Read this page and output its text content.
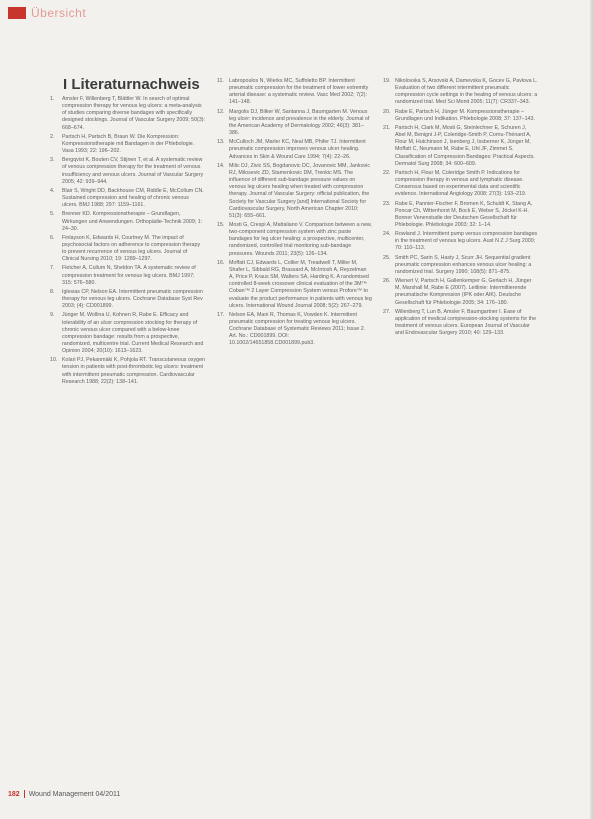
Übersicht
I Literaturnachweis
1.	Amsler F, Willenberg T, Blättler W. In search of optimal compression therapy for venous leg ulcers: a meta-analysis of studies comparing diverse bandages with specifically designed stockings. Journal of Vascular Surgery 2009; 50(3): 668–674.
2.	Partsch H, Partsch B, Braun W. Die Kompression: Kompressionstherapie mit Bandagen in der Phlebologie. Vasa 1993; 22: 196–202.
3.	Bergqvist K, Bouten CV, Stijnen T, et al. A systematic review of venous compression therapy for the treatment of venous insufficiency and venous ulcers. Journal of Vascular Surgery 2005; 42: 939–944.
4.	Blair S, Wright DD, Backhouse CM, Riddle E, McCollum CN. Sustained compression and healing of chronic venous ulcers. BMJ 1988; 297: 1159–1161.
5.	Brenner KD. Kompressionstherapie – Grundlagen, Wirkungen und Anwendungen. Orthopädie-Technik 2009; 1: 24–30.
6.	Finlayson K, Edwards H, Courtney M. The impact of psychosocial factors on adherence to compression therapy to prevent recurrence of venous leg ulcers. Journal of Clinical Nursing 2010; 19: 1289–1297.
7.	Fletcher A, Cullum N, Sheldon TA. A systematic review of compression treatment for venous leg ulcers. BMJ 1997; 315: 576–580.
8.	Iglesias CP, Nelson EA. Intermittent pneumatic compression therapy for venous leg ulcers. Cochrane Database Syst Rev 2003; (4): CD001899.
9.	Jünger M, Wollina U, Kohnen R, Rabe E. Efficacy and tolerability of an ulcer compression stocking for therapy of chronic venous ulcer compared with a below-knee compression bandage: results from a prospective, randomized, multicentre trial. Current Medical Research and Opinion 2004; 20(10): 1613–1623.
10. Kolari PJ, Pekanmäki K, Pohjola RT. Transcutaneous oxygen tension in patients with post-thrombotic leg ulcers: treatment with intermittent pneumatic compression. Cardiovascular Research 1988; 22(2): 138–141.
11. Labropoulos N, Wierks MC, Suffoletto BP. Intermittent pneumatic compression for the treatment of lower extremity arterial disease: a systematic review. Vasc Med 2002; 7(2): 141–148.
12. Margolis DJ, Bilker W, Santanna J, Baumgarten M. Venous leg ulcer: incidence and prevalence in the elderly. Journal of the American Academy of Dermatology 2002; 46(3): 381–386.
13. McCulloch JM, Marler KC, Neal MB, Phifer TJ. Intermittent pneumatic compression improves venous ulcer healing. Advances in Skin & Wound Care 1994; 7(4): 22–26.
14. Milic DJ, Zivic SS, Bogdanovic DC, Jovanovic MM, Jankovic RJ, Milosevic ZD, Stamenkovic DM, Trenkic MS. The influence of different sub-bandage pressure values on venous leg ulcers healing when treated with compression therapy. Journal of Vascular Surgery: official publication, the Society for Vascular Surgery [and] International Society for Cardiovascular Surgery, North American Chapter 2010; 51(3): 655–661.
15. Mosti G, Crespi A, Mattaliano V. Comparison between a new, two-component compression system with zinc paste bandages for leg ulcer healing: a prospective, multicenter, randomized, controlled trial monitoring sub-bandage pressures. Wounds 2011; 23(5): 126–134.
16. Moffatt CJ, Edwards L, Collier M, Treadwell T, Miller M, Shafer L, Sibbald RG, Brassard A, McIntosh A, Reyzelman A, Price P, Kraus SM, Walters SA, Harding K. A randomised controlled 8-week crossover clinical evaluation of the 3M™ Coban™ 2 Layer Compression System versus Profore™ to evaluate the product performance in patients with venous leg ulcers. International Wound Journal 2008; 5(2): 267–279.
17. Nelson EA, Mani R, Thomas K, Vowden K. Intermittent pneumatic compression for treating venous leg ulcers. Cochrane Database of Systematic Reviews 2011; Issue 2. Art. No.: CD001899. DOI: 10.1002/14651858.CD001899.pub3.
19. Nikolovska S, Arsovski A, Damevska K, Gocev G, Pavlova L. Evaluation of two different intermittent pneumatic compression cycle settings in the healing of venous ulcers: a randomized trial. Med Sci Monit 2005; 11(7): CR337–343.
20. Rabe E, Partsch H, Jünger M. Kompressionstherapie – Grundlagen und Indikation. Phlebologie 2008; 37: 137–143.
21. Partsch H, Clark M, Mosti G, Steinlechner E, Schuren J, Abel M, Benigni J-P, Coleridge-Smith P, Cornu-Thénard A, Flour M, Hutchinson J, Isenberg J, Issberner K, Jünger M, Moffatt C, Neumann M, Rabe E, Uhl JF, Zimmet S. Classification of Compression Bandages: Practical Aspects. Dermatol Surg 2008; 34: 600–609.
22. Partsch H, Flour M, Coleridge Smith P. Indications for compression therapy in venous and lymphatic disease. Consensus based on experimental data and scientific evidence. International Angiology 2008; 27(3): 193–219.
23. Rabe E, Pannier-Fischer F, Bromen K, Schuldt K, Stang A, Poncar Ch, Wittenhorst M, Bock E, Weber S, Jöckel K-H. Bonner Venenstudie der Deutschen Gesellschaft für Phlebologie. Phlebologie 2003; 32: 1–14.
24. Rowland J. Intermittent pump versus compression bandages in the treatment of venous leg ulcers. Aust N Z J Surg 2000; 70: 110–113.
25. Smith PC, Sarin S, Hasty J, Scurr JH. Sequential gradient pneumatic compression enhances venous ulcer healing: a randomized trial. Surgery 1990; 108(5): 871–875.
26. Wienert V, Partsch H, Gallenkemper G, Gerlach H, Jünger M, Marshall M, Rabe E (2007). Leitlinie: Intermittierende pneumatische Kompression (IPK oder AIK). Deutsche Gesellschaft für Phlebologie 2005; 34: 176–180.
27. Willenberg T, Lun B, Amsler F, Baumgartner I. Ease of application of medical compression-stocking systems for the treatment of venous ulcers. European Journal of Vascular and Endovascular Surgery 2010; 40: 129–133.
182 Wound Management 04/2011
